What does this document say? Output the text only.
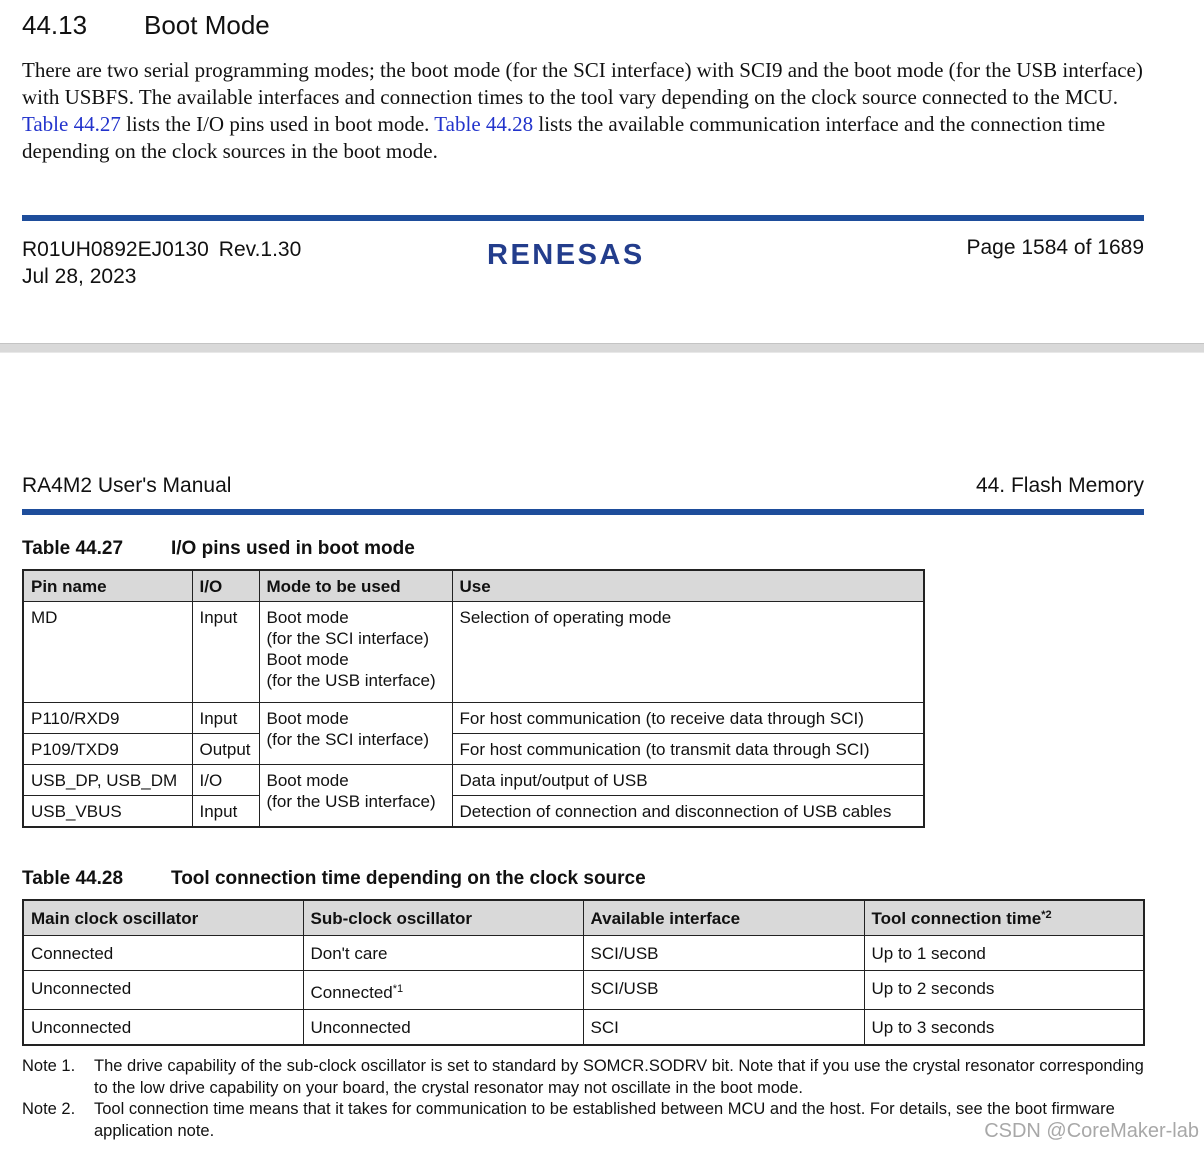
44.13 Boot Mode

There are two serial programming modes; the boot mode (for the SCI interface) with SCI9 and the boot mode (for the USB interface) with USBFS. The available interfaces and connection times to the tool vary depending on the clock source connected to the MCU. Table 44.27 lists the I/O pins used in boot mode. Table 44.28 lists the available communication interface and the connection time depending on the clock sources in the boot mode.

R01UH0892EJ0130 Rev.1.30
Jul 28, 2023
RENESAS	Page 1584 of 1689
RA4M2 User's Manual	44. Flash Memory
Table 44.27	I/O pins used in boot mode
Pin name	I/O	Mode to be used	Use
MD	Input	Boot mode
(for the SCI interface)
Boot mode
(for the USB interface)	Selection of operating mode
P110/RXD9	Input	Boot mode
(for the SCI interface)	For host communication (to receive data through SCI)
P109/TXD9	Output		For host communication (to transmit data through SCI)
USB_DP, USB_DM	I/O	Boot mode
(for the USB interface)	Data input/output of USB
USB_VBUS	Input		Detection of connection and disconnection of USB cables
Table 44.28	Tool connection time depending on the clock source
Main clock oscillator	Sub-clock oscillator	Available interface	Tool connection time$^{*2}$
Connected	Don't care	SCI/USB	Up to 1 second
Unconnected	Connected$^{*1}$	SCI/USB	Up to 2 seconds
Unconnected	Unconnected	SCI	Up to 3 seconds
Note 1.	The drive capability of the sub-clock oscillator is set to standard by SOMCR.SODRV bit. Note that if you use the crystal resonator corresponding to the low drive capability on your board, the crystal resonator may not oscillate in the boot mode.
Note 2.	Tool connection time means that it takes for communication to be established between MCU and the host. For details, see the boot firmware application note.	CSDN @CoreMaker-lab
